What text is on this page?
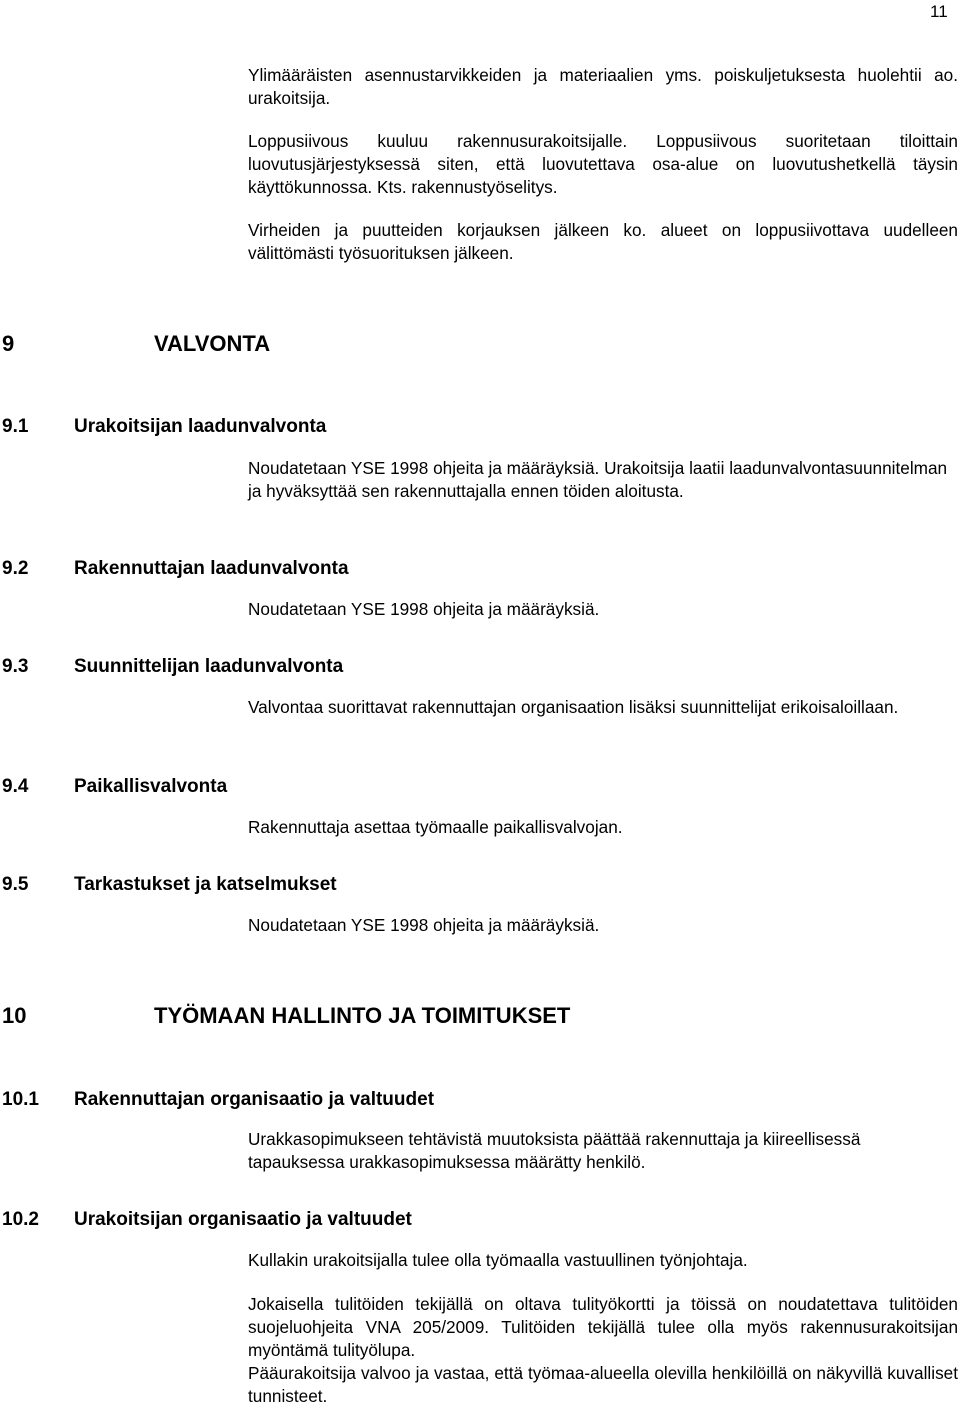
11
Ylimääräisten asennustarvikkeiden ja materiaalien yms. poiskuljetuksesta huolehtii ao. urakoitsija.
Loppusiivous kuuluu rakennusurakoitsijalle. Loppusiivous suoritetaan tiloittain luovutusjärjestyksessä siten, että luovutettava osa-alue on luovutushetkellä täysin käyttökunnossa. Kts. rakennustyöselitys.
Virheiden ja puutteiden korjauksen jälkeen ko. alueet on loppusiivottava uudelleen välittömästi työsuorituksen jälkeen.
9	VALVONTA
9.1 Urakoitsijan laadunvalvonta
Noudatetaan YSE 1998 ohjeita ja määräyksiä. Urakoitsija laatii laadunvalvontasuunnitelman ja hyväksyttää sen rakennuttajalla ennen töiden aloitusta.
9.2 Rakennuttajan laadunvalvonta
Noudatetaan YSE 1998 ohjeita ja määräyksiä.
9.3 Suunnittelijan laadunvalvonta
Valvontaa suorittavat rakennuttajan organisaation lisäksi suunnittelijat erikoisaloillaan.
9.4 Paikallisvalvonta
Rakennuttaja asettaa työmaalle paikallisvalvojan.
9.5 Tarkastukset ja katselmukset
Noudatetaan YSE 1998 ohjeita ja määräyksiä.
10	TYÖMAAN HALLINTO JA TOIMITUKSET
10.1 Rakennuttajan organisaatio ja valtuudet
Urakkasopimukseen tehtävistä muutoksista päättää rakennuttaja ja kiireellisessä tapauksessa urakkasopimuksessa määrätty henkilö.
10.2 Urakoitsijan organisaatio ja valtuudet
Kullakin urakoitsijalla tulee olla työmaalla vastuullinen työnjohtaja.
Jokaisella tulitöiden tekijällä on oltava tulityökortti ja töissä on noudatettava tulitöiden suojeluohjeita VNA 205/2009. Tulitöiden tekijällä tulee olla myös rakennusurakoitsijan myöntämä tulityölupa.
Pääurakoitsija valvoo ja vastaa, että työmaa-alueella olevilla henkilöillä on näkyvillä kuvalliset tunnisteet.
